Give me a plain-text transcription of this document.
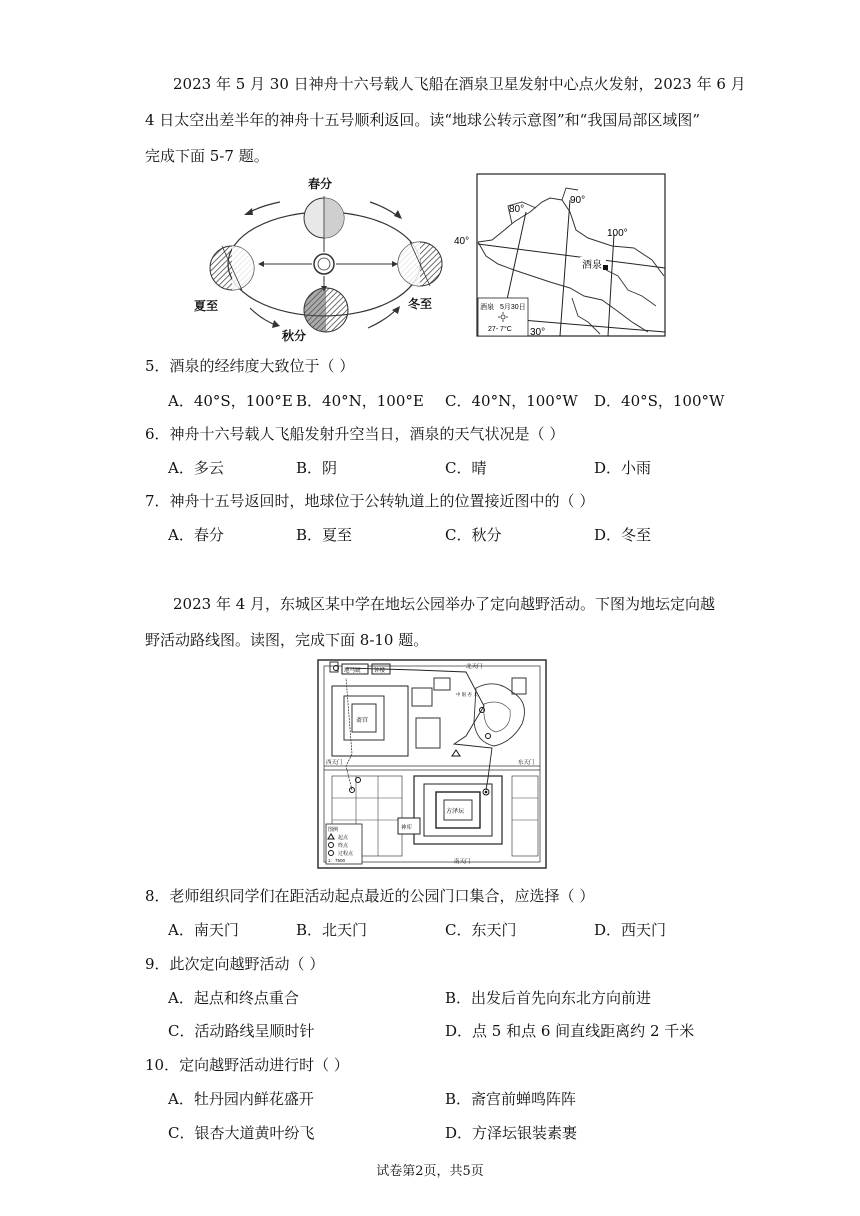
2023 年 5 月 30 日神舟十六号载人飞船在酒泉卫星发射中心点火发射，2023 年 6 月
4 日太空出差半年的神舟十五号顺利返回。读“地球公转示意图”和“我国局部区域图”
完成下面 5-7 题。
春分
夏至	冬至
秋分
80°
90°
100°
40°
30°
酒泉
酒泉 5月30日
27- 7°C
5．酒泉的经纬度大致位于（ ）
A．40°S，100°E B．40°N，100°E C．40°N，100°W D．40°S，100°W
6．神舟十六号载人飞船发射升空当日，酒泉的天气状况是（ ）
A．多云	B．阴	C．晴	D．小雨
7．神舟十五号返回时，地球位于公转轨道上的位置接近图中的（ ）
A．春分	B．夏至	C．秋分	D．冬至
2023 年 4 月，东城区某中学在地坛公园举办了定向越野活动。下图为地坛定向越
野活动路线图。读图，完成下面 8-10 题。
地马厩 钟楼
北天门
斋宫
中 银 杏 大
西天门	东天门
方泽坛
神库
南天门
图例
起点
终点
过程点
1：7500
8．老师组织同学们在距活动起点最近的公园门口集合，应选择（ ）
A．南天门	B．北天门	C．东天门	D．西天门
9．此次定向越野活动（ ）
A．起点和终点重合	B．出发后首先向东北方向前进
C．活动路线呈顺时针	D．点 5 和点 6 间直线距离约 2 千米
10．定向越野活动进行时（ ）
A．牡丹园内鲜花盛开	B．斋宫前蝉鸣阵阵
C．银杏大道黄叶纷飞	D．方泽坛银装素裹
试卷第2页，共5页
